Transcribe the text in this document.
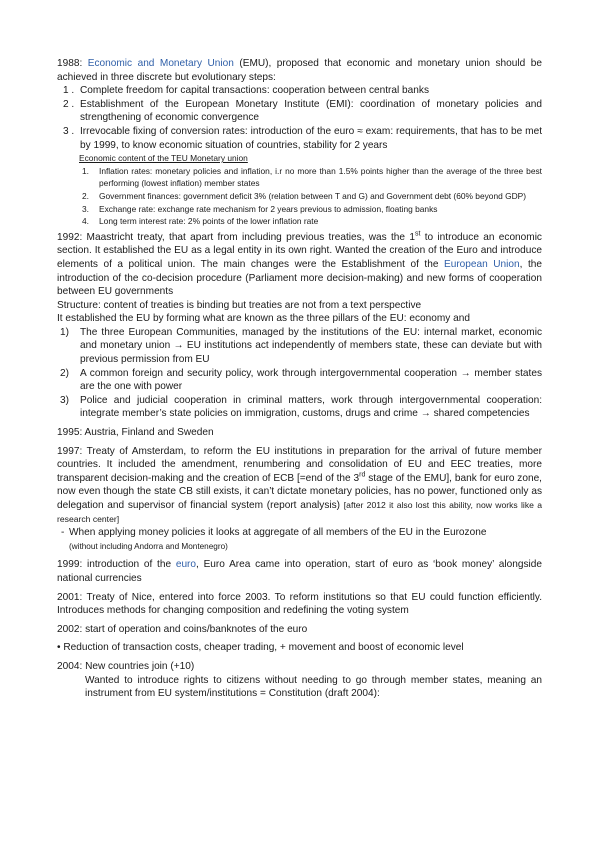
1988: Economic and Monetary Union (EMU), proposed that economic and monetary union should be achieved in three discrete but evolutionary steps:

1 . Complete freedom for capital transactions: cooperation between central banks
2 . Establishment of the European Monetary Institute (EMI): coordination of monetary policies and strengthening of economic convergence
3 . Irrevocable fixing of conversion rates: introduction of the euro ≈ exam: requirements, that has to be met by 1999, to know economic situation of countries, stability for 2 years

Economic content of the TEU Monetary union

1. Inflation rates: monetary policies and inflation, i.r no more than 1.5% points higher than the average of the three best performing (lowest inflation) member states
2. Government finances: government deficit 3% (relation between T and G) and Government debt (60% beyond GDP)
3. Exchange rate: exchange rate mechanism for 2 years previous to admission, floating banks
4. Long term interest rate: 2% points of the lower inflation rate

1992: Maastricht treaty, that apart from including previous treaties, was the 1st to introduce an economic section. It established the EU as a legal entity in its own right. Wanted the creation of the Euro and introduce elements of a political union. The main changes were the Establishment of the European Union, the introduction of the co-decision procedure (Parliament more decision-making) and new forms of cooperation between EU governments

Structure: content of treaties is binding but treaties are not from a text perspective

It established the EU by forming what are known as the three pillars of the EU: economy and

1) The three European Communities, managed by the institutions of the EU: internal market, economic and monetary union → EU institutions act independently of members state, these can deviate but with previous permission from EU
2) A common foreign and security policy, work through intergovernmental cooperation → member states are the one with power
3) Police and judicial cooperation in criminal matters, work through intergovernmental cooperation: integrate member’s state policies on immigration, customs, drugs and crime → shared competencies

1995: Austria, Finland and Sweden

1997: Treaty of Amsterdam, to reform the EU institutions in preparation for the arrival of future member countries. It included the amendment, renumbering and consolidation of EU and EEC treaties, more transparent decision-making and the creation of ECB [=end of the 3rd stage of the EMU], bank for euro zone, now even though the state CB still exists, it can’t dictate monetary policies, has no power, functioned only as delegation and supervisor of financial system (report analysis) [after 2012 it also lost this ability, now works like a research center]

- When applying money policies it looks at aggregate of all members of the EU in the Eurozone

(without including Andorra and Montenegro)

1999: introduction of the euro, Euro Area came into operation, start of euro as ‘book money’ alongside national currencies

2001: Treaty of Nice, entered into force 2003. To reform institutions so that EU could function efficiently. Introduces methods for changing composition and redefining the voting system

2002: start of operation and coins/banknotes of the euro

• Reduction of transaction costs, cheaper trading, + movement and boost of economic level

2004: New countries join (+10)

Wanted to introduce rights to citizens without needing to go through member states, meaning an instrument from EU system/institutions = Constitution (draft 2004):
